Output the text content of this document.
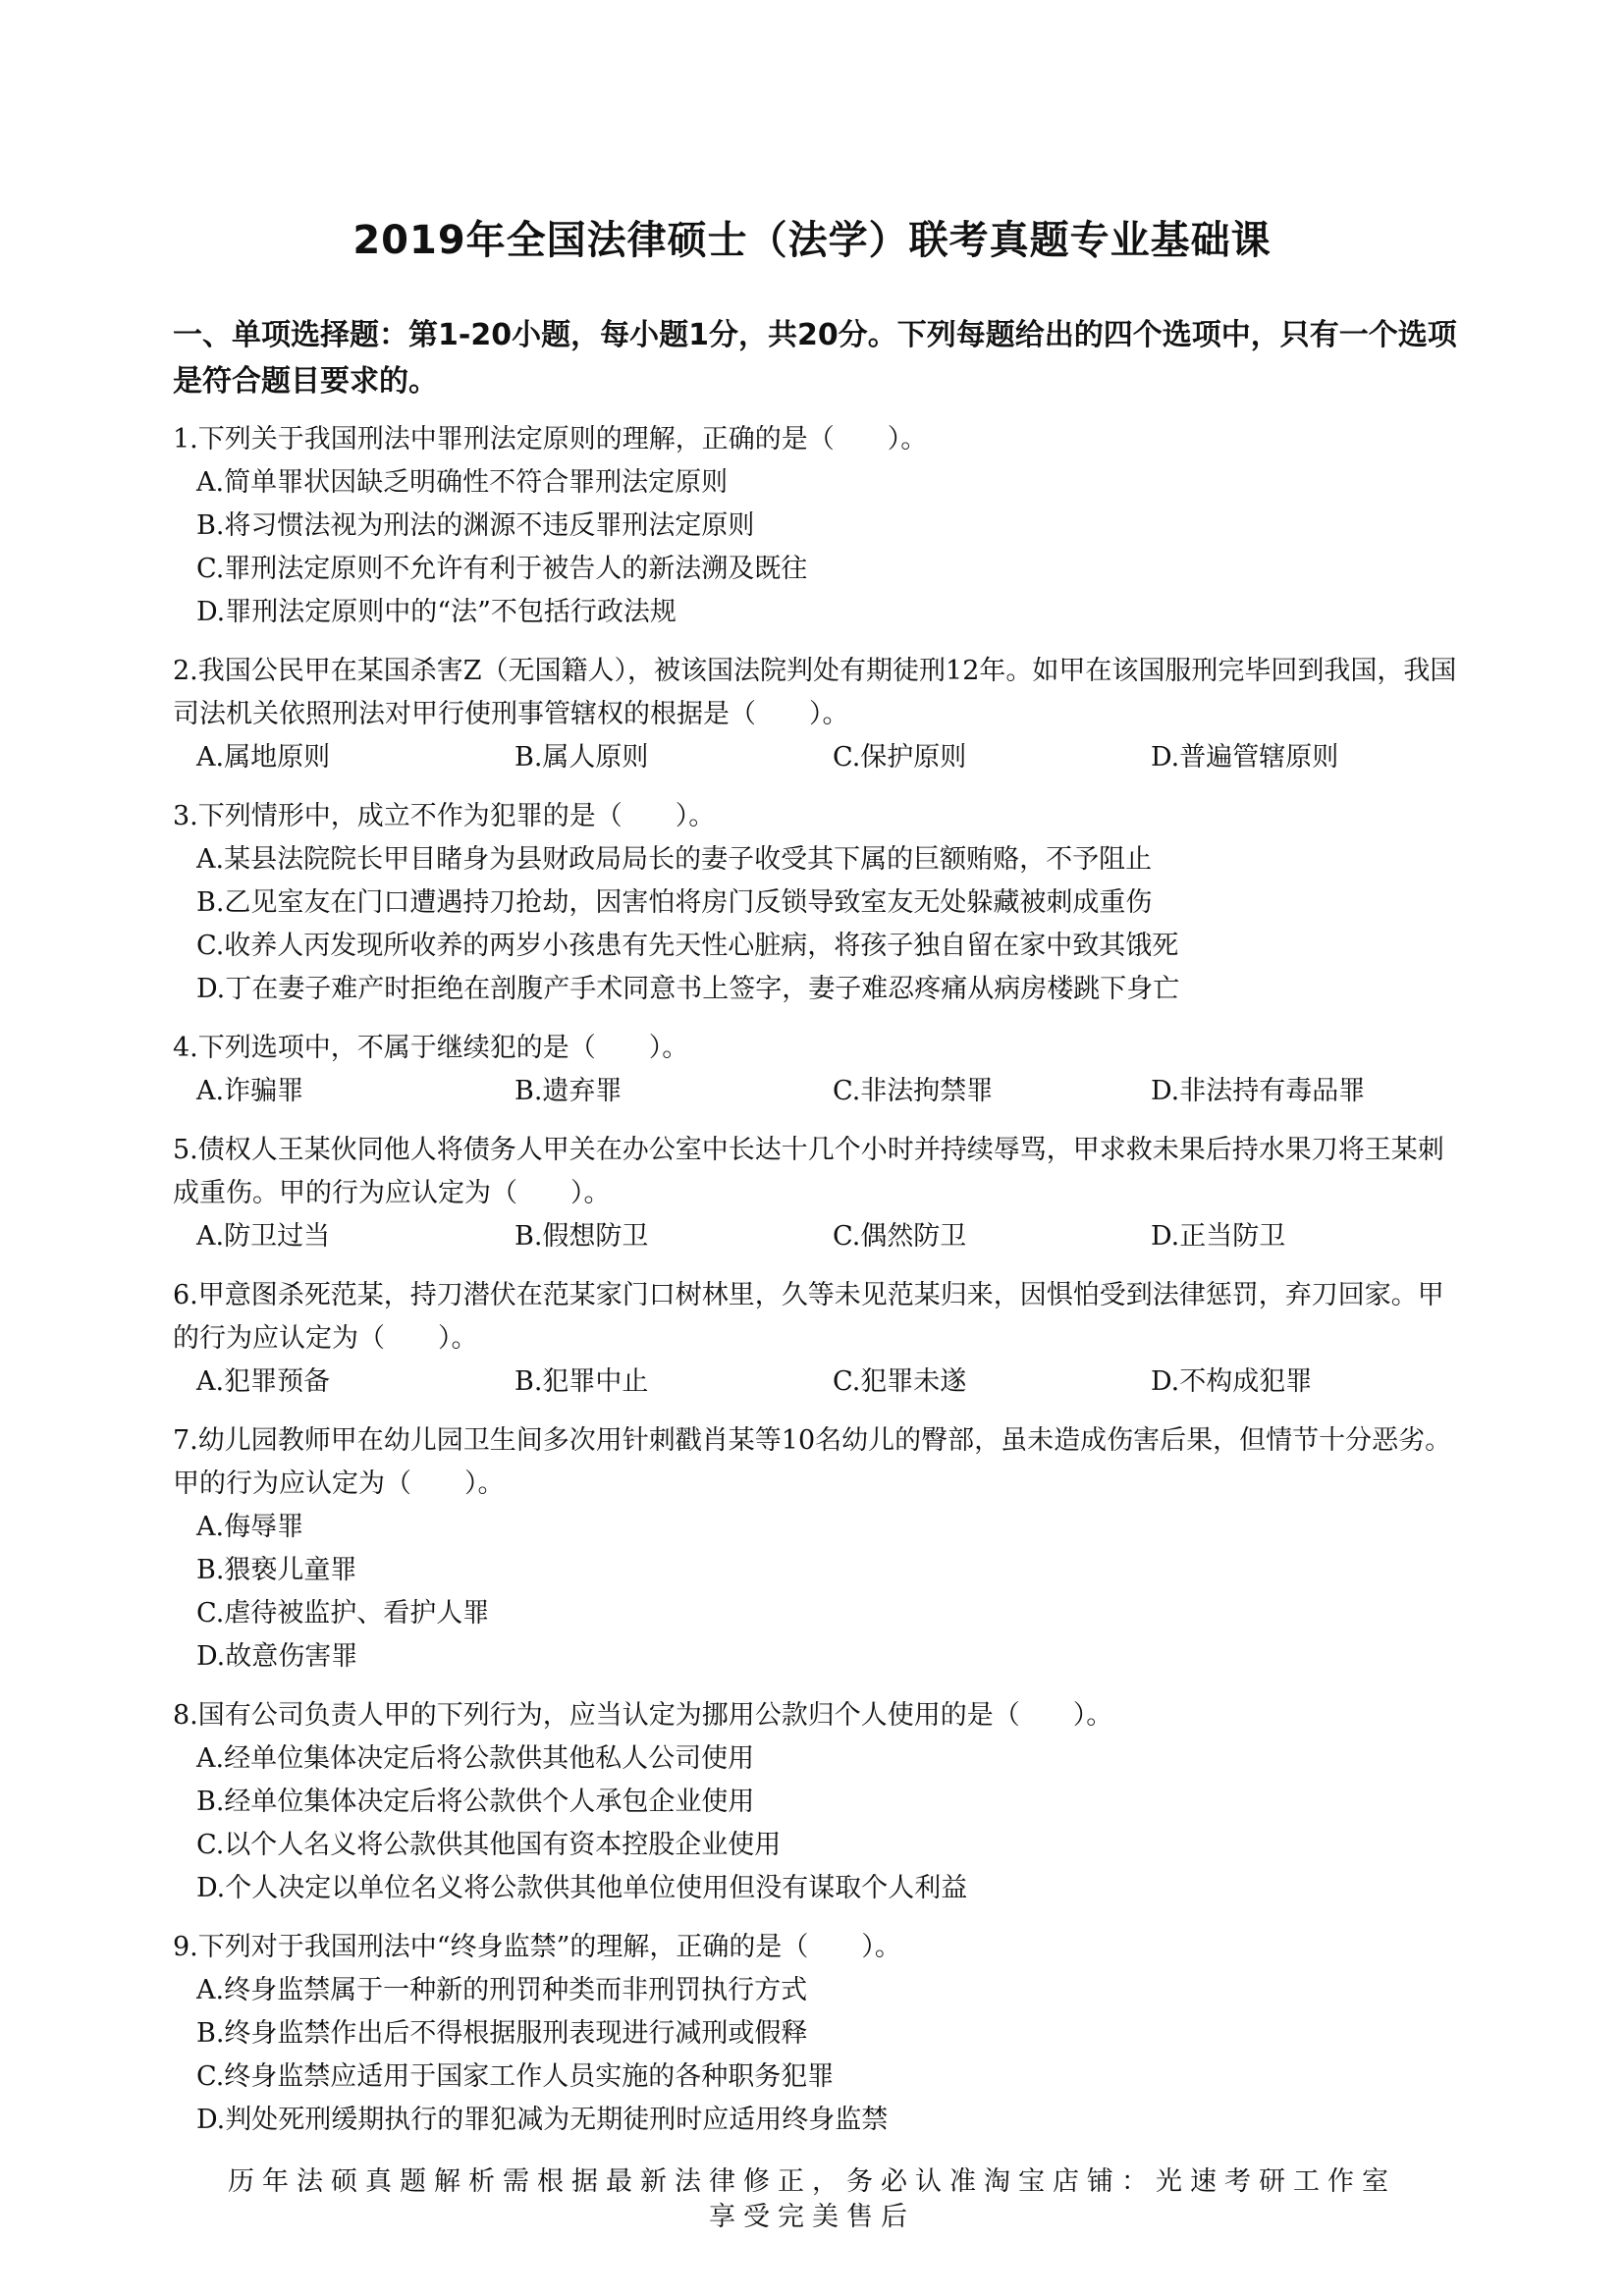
2019年全国法律硕士（法学）联考真题专业基础课
一、单项选择题：第1-20小题，每小题1分，共20分。下列每题给出的四个选项中，只有一个选项是符合题目要求的。
1.下列关于我国刑法中罪刑法定原则的理解，正确的是（　　）。
A.简单罪状因缺乏明确性不符合罪刑法定原则
B.将习惯法视为刑法的渊源不违反罪刑法定原则
C.罪刑法定原则不允许有利于被告人的新法溯及既往
D.罪刑法定原则中的“法”不包括行政法规
2.我国公民甲在某国杀害Z（无国籍人），被该国法院判处有期徒刑12年。如甲在该国服刑完毕回到我国，我国司法机关依照刑法对甲行使刑事管辖权的根据是（　　）。
A.属地原则	B.属人原则	C.保护原则	D.普遍管辖原则
3.下列情形中，成立不作为犯罪的是（　　）。
A.某县法院院长甲目睹身为县财政局局长的妻子收受其下属的巨额贿赂，不予阻止
B.乙见室友在门口遭遇持刀抢劫，因害怕将房门反锁导致室友无处躲藏被刺成重伤
C.收养人丙发现所收养的两岁小孩患有先天性心脏病，将孩子独自留在家中致其饿死
D.丁在妻子难产时拒绝在剖腹产手术同意书上签字，妻子难忍疼痛从病房楼跳下身亡
4.下列选项中，不属于继续犯的是（　　）。
A.诈骗罪	B.遗弃罪	C.非法拘禁罪	D.非法持有毒品罪
5.债权人王某伙同他人将债务人甲关在办公室中长达十几个小时并持续辱骂，甲求救未果后持水果刀将王某刺成重伤。甲的行为应认定为（　　）。
A.防卫过当	B.假想防卫	C.偶然防卫	D.正当防卫
6.甲意图杀死范某，持刀潜伏在范某家门口树林里，久等未见范某归来，因惧怕受到法律惩罚，弃刀回家。甲的行为应认定为（　　）。
A.犯罪预备	B.犯罪中止	C.犯罪未遂	D.不构成犯罪
7.幼儿园教师甲在幼儿园卫生间多次用针刺戳肖某等10名幼儿的臀部，虽未造成伤害后果，但情节十分恶劣。甲的行为应认定为（　　）。
A.侮辱罪
B.猥亵儿童罪
C.虐待被监护、看护人罪
D.故意伤害罪
8.国有公司负责人甲的下列行为，应当认定为挪用公款归个人使用的是（　　）。
A.经单位集体决定后将公款供其他私人公司使用
B.经单位集体决定后将公款供个人承包企业使用
C.以个人名义将公款供其他国有资本控股企业使用
D.个人决定以单位名义将公款供其他单位使用但没有谋取个人利益
9.下列对于我国刑法中“终身监禁”的理解，正确的是（　　）。
A.终身监禁属于一种新的刑罚种类而非刑罚执行方式
B.终身监禁作出后不得根据服刑表现进行减刑或假释
C.终身监禁应适用于国家工作人员实施的各种职务犯罪
D.判处死刑缓期执行的罪犯减为无期徒刑时应适用终身监禁
历年法硕真题解析需根据最新法律修正，务必认准淘宝店铺：光速考研工作室
享受完美售后
